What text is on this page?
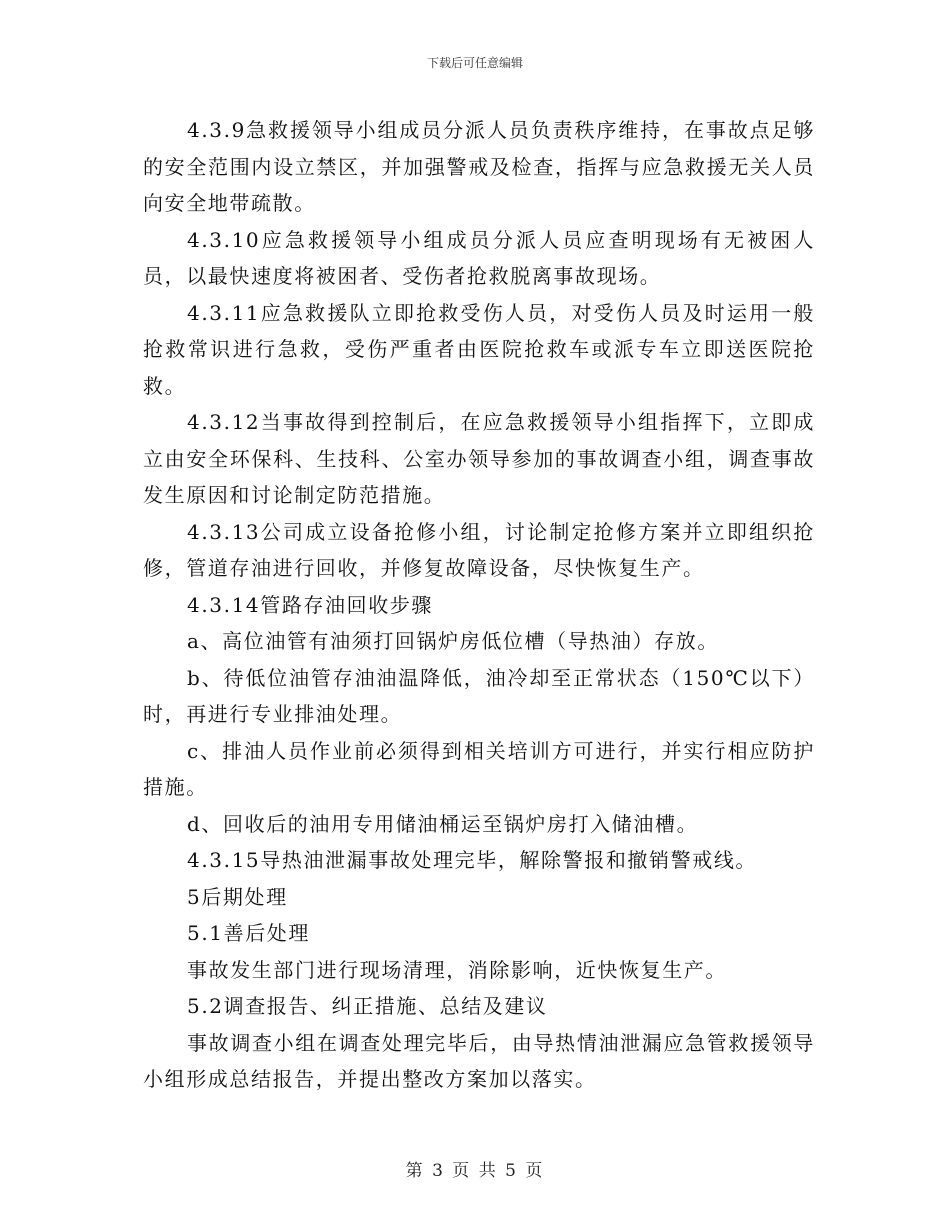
下载后可任意编辑

4.3.9急救援领导小组成员分派人员负责秩序维持，在事故点足够的安全范围内设立禁区，并加强警戒及检查，指挥与应急救援无关人员向安全地带疏散。

4.3.10应急救援领导小组成员分派人员应查明现场有无被困人员，以最快速度将被困者、受伤者抢救脱离事故现场。

4.3.11应急救援队立即抢救受伤人员，对受伤人员及时运用一般抢救常识进行急救，受伤严重者由医院抢救车或派专车立即送医院抢救。

4.3.12当事故得到控制后，在应急救援领导小组指挥下，立即成立由安全环保科、生技科、公室办领导参加的事故调查小组，调查事故发生原因和讨论制定防范措施。

4.3.13公司成立设备抢修小组，讨论制定抢修方案并立即组织抢修，管道存油进行回收，并修复故障设备，尽快恢复生产。

4.3.14管路存油回收步骤

a、高位油管有油须打回锅炉房低位槽（导热油）存放。

b、待低位油管存油油温降低，油冷却至正常状态（150℃以下）时，再进行专业排油处理。

c、排油人员作业前必须得到相关培训方可进行，并实行相应防护措施。

d、回收后的油用专用储油桶运至锅炉房打入储油槽。

4.3.15导热油泄漏事故处理完毕，解除警报和撤销警戒线。

5后期处理

5.1善后处理

事故发生部门进行现场清理，消除影响，近快恢复生产。

5.2调查报告、纠正措施、总结及建议

事故调查小组在调查处理完毕后，由导热情油泄漏应急管救援领导小组形成总结报告，并提出整改方案加以落实。

第 3 页 共 5 页
